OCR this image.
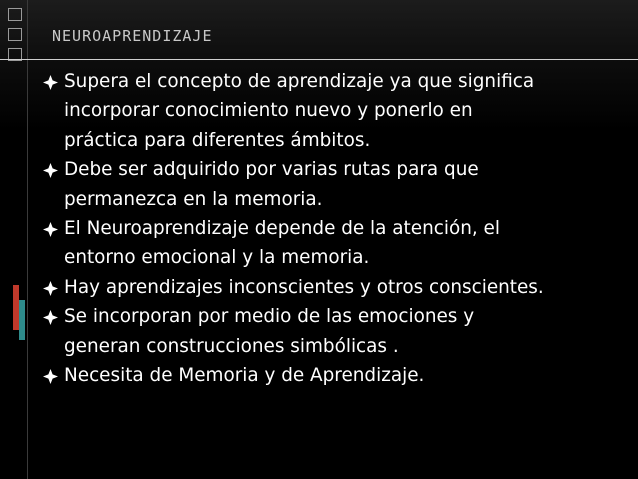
NEUROAPRENDIZAJE
Supera el concepto de aprendizaje ya que significa
incorporar conocimiento nuevo y ponerlo en
práctica para diferentes ámbitos.
Debe ser adquirido por varias rutas para que
permanezca en la memoria.
El Neuroaprendizaje depende de la atención, el
entorno emocional y la memoria.
Hay aprendizajes inconscientes y otros conscientes.
Se incorporan por medio de las emociones y
generan construcciones simbólicas .
Necesita de Memoria y de Aprendizaje.
